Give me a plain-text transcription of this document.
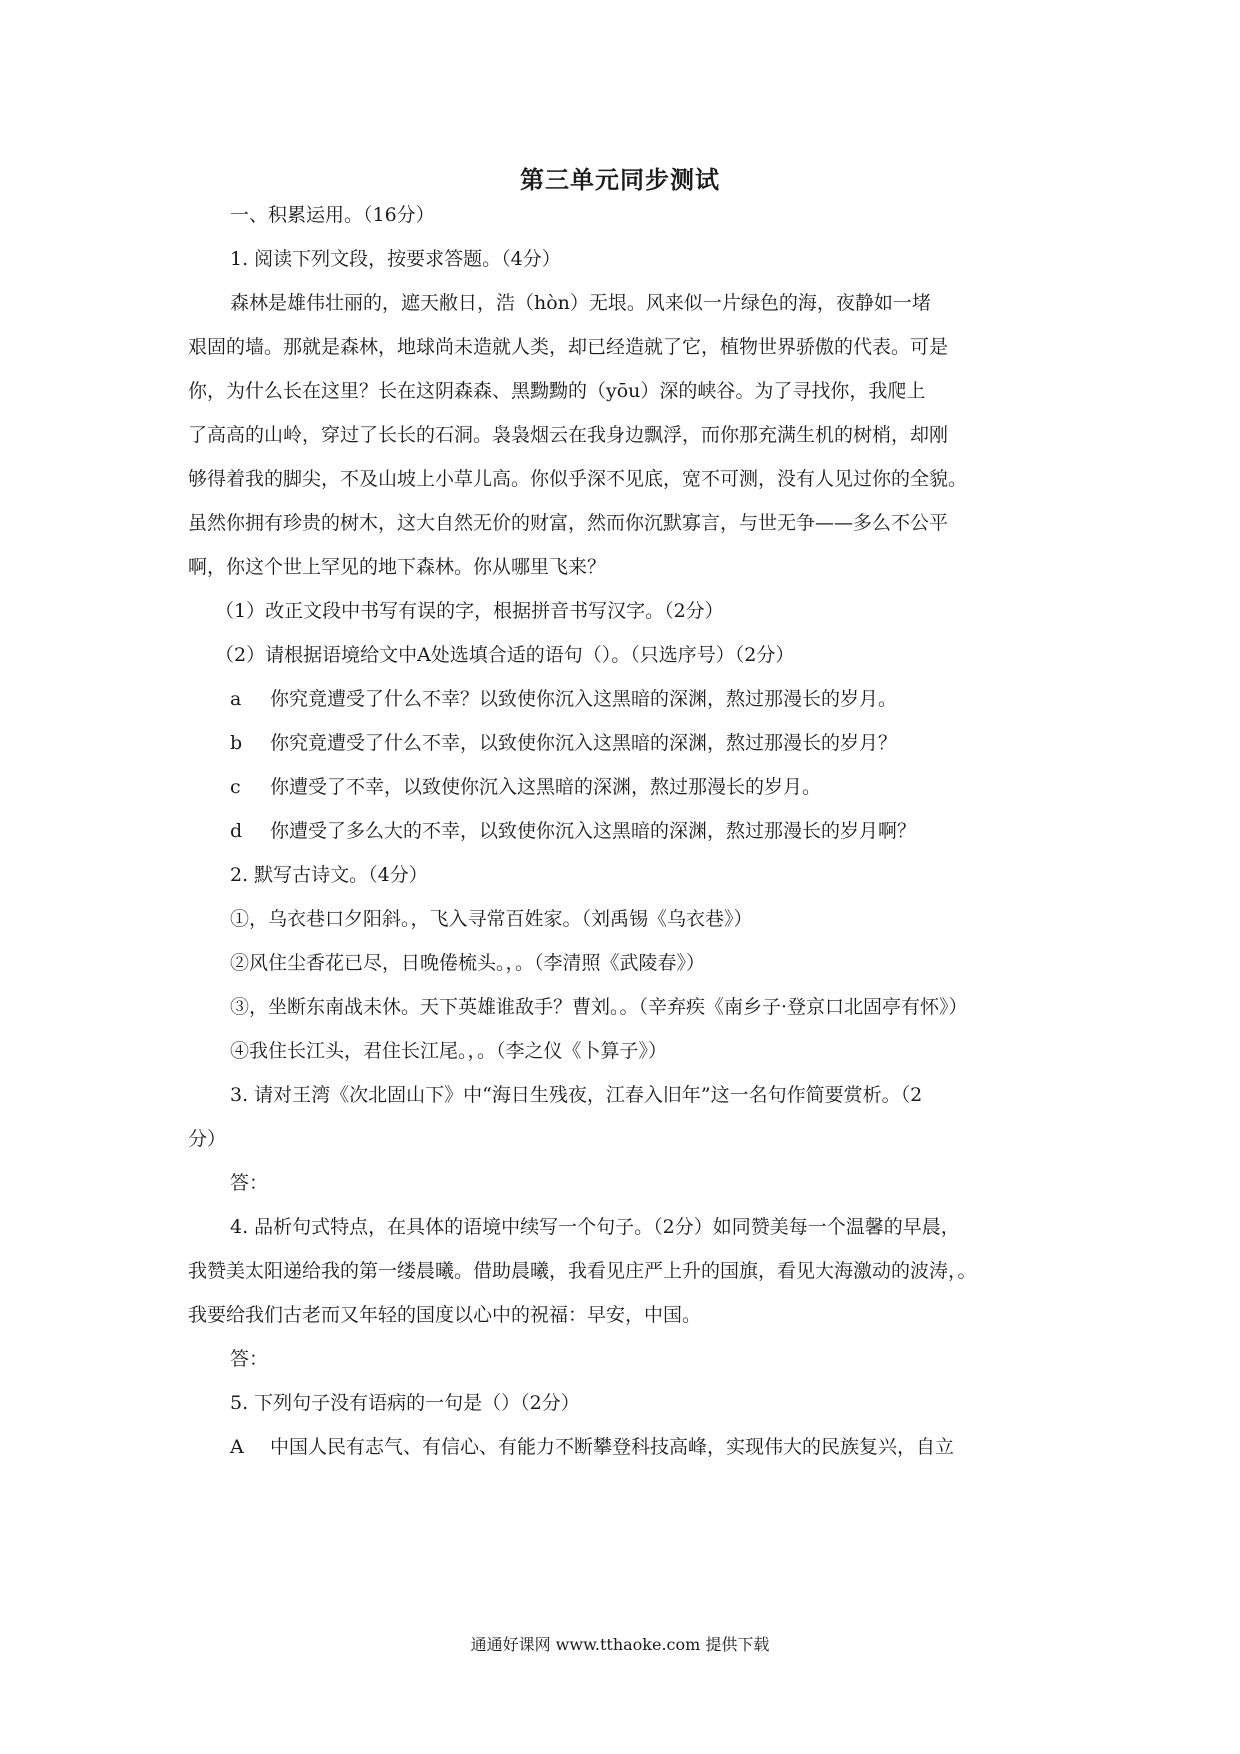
第三单元同步测试
一、积累运用。（16分）
1. 阅读下列文段，按要求答题。（4分）
森林是雄伟壮丽的，遮天敝日，浩（hòn）无垠。风来似一片绿色的海，夜静如一堵
艰固的墙。那就是森林，地球尚未造就人类，却已经造就了它，植物世界骄傲的代表。可是
你，为什么长在这里？长在这阴森森、黑黝黝的（yōu）深的峡谷。为了寻找你，我爬上
了高高的山岭，穿过了长长的石洞。袅袅烟云在我身边飘浮，而你那充满生机的树梢，却刚
够得着我的脚尖，不及山坡上小草儿高。你似乎深不见底，宽不可测，没有人见过你的全貌。
虽然你拥有珍贵的树木，这大自然无价的财富，然而你沉默寡言，与世无争——多么不公平
啊，你这个世上罕见的地下森林。你从哪里飞来？
（1）改正文段中书写有误的字，根据拼音书写汉字。（2分）
（2）请根据语境给文中A处选填合适的语句（）。（只选序号）（2分）
a 你究竟遭受了什么不幸？以致使你沉入这黑暗的深渊，熬过那漫长的岁月。
b 你究竟遭受了什么不幸，以致使你沉入这黑暗的深渊，熬过那漫长的岁月？
c 你遭受了不幸，以致使你沉入这黑暗的深渊，熬过那漫长的岁月。
d 你遭受了多么大的不幸，以致使你沉入这黑暗的深渊，熬过那漫长的岁月啊？
2. 默写古诗文。（4分）
①，乌衣巷口夕阳斜。，飞入寻常百姓家。（刘禹锡《乌衣巷》）
②风住尘香花已尽，日晚倦梳头。，。（李清照《武陵春》）
③，坐断东南战未休。天下英雄谁敌手？曹刘。。（辛弃疾《南乡子·登京口北固亭有怀》）
④我住长江头，君住长江尾。，。（李之仪《卜算子》）
3. 请对王湾《次北固山下》中“海日生残夜，江春入旧年”这一名句作简要赏析。（2
分）
答：
4. 品析句式特点，在具体的语境中续写一个句子。（2分）如同赞美每一个温馨的早晨，
我赞美太阳递给我的第一缕晨曦。借助晨曦，我看见庄严上升的国旗，看见大海激动的波涛，。
我要给我们古老而又年轻的国度以心中的祝福：早安，中国。
答：
5. 下列句子没有语病的一句是（）（2分）
A 中国人民有志气、有信心、有能力不断攀登科技高峰，实现伟大的民族复兴，自立
通通好课网 www.tthaoke.com 提供下载
